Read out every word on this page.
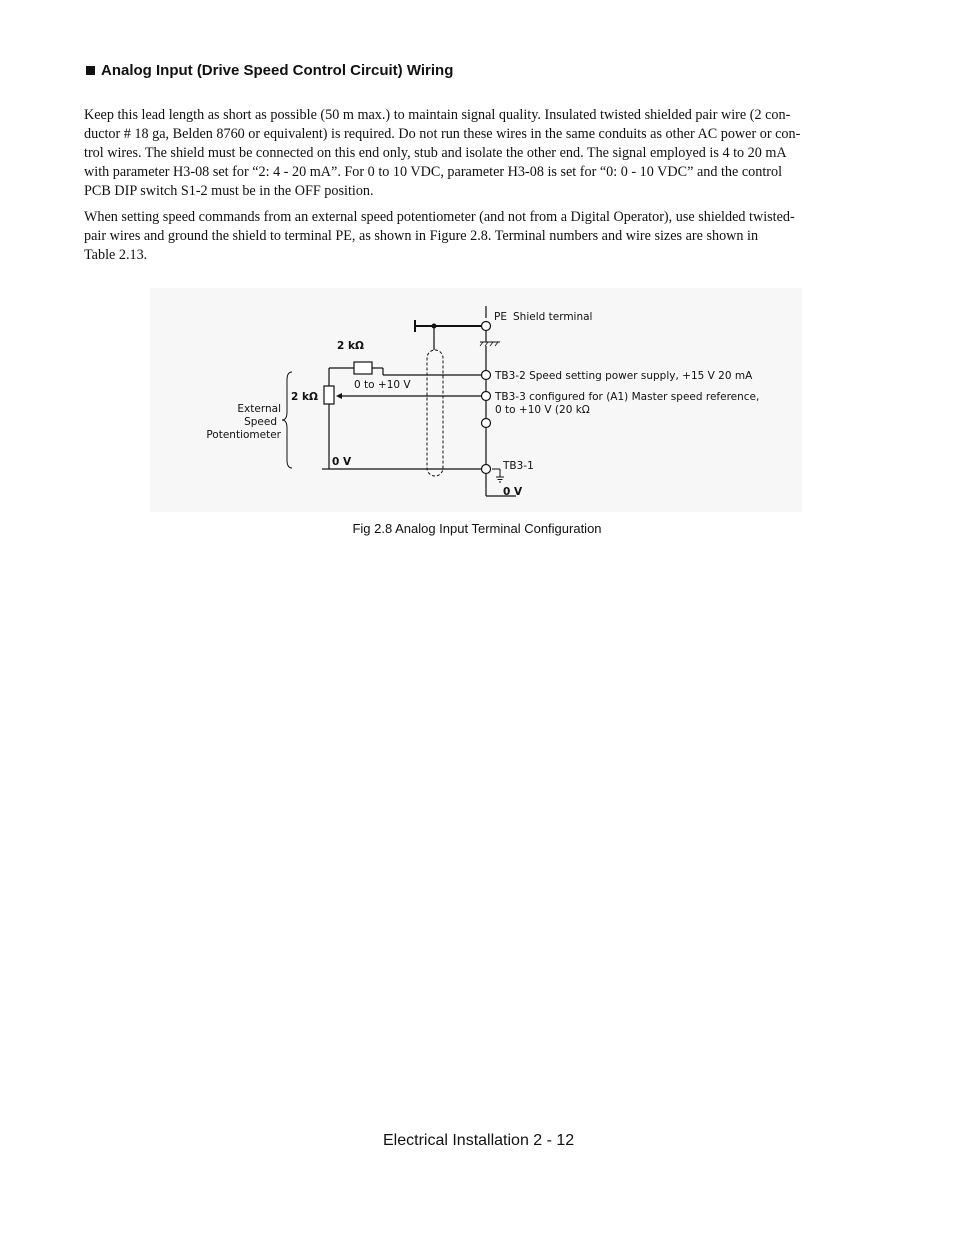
Analog Input (Drive Speed Control Circuit) Wiring
Keep this lead length as short as possible (50 m max.) to maintain signal quality. Insulated twisted shielded pair wire (2 con-
ductor # 18 ga, Belden 8760 or equivalent) is required. Do not run these wires in the same conduits as other AC power or con-
trol wires. The shield must be connected on this end only, stub and isolate the other end. The signal employed is 4 to 20 mA
with parameter H3-08 set for “2: 4 - 20 mA”. For 0 to 10 VDC, parameter H3-08 is set for “0: 0 - 10 VDC” and the control
PCB DIP switch S1-2 must be in the OFF position.
When setting speed commands from an external speed potentiometer (and not from a Digital Operator), use shielded twisted-
pair wires and ground the shield to terminal PE, as shown in Figure 2.8. Terminal numbers and wire sizes are shown in
Table 2.13.
PE Shield terminal
2 kΩ
2 kΩ
0 to +10 V
External
Speed
Potentiometer
0 V
TB3-2 Speed setting power supply, +15 V 20 mA
TB3-3 configured for (A1) Master speed reference,
0 to +10 V (20 kΩ
TB3-1
0 V
Fig 2.8 Analog Input Terminal Configuration
Electrical Installation 2 - 12
